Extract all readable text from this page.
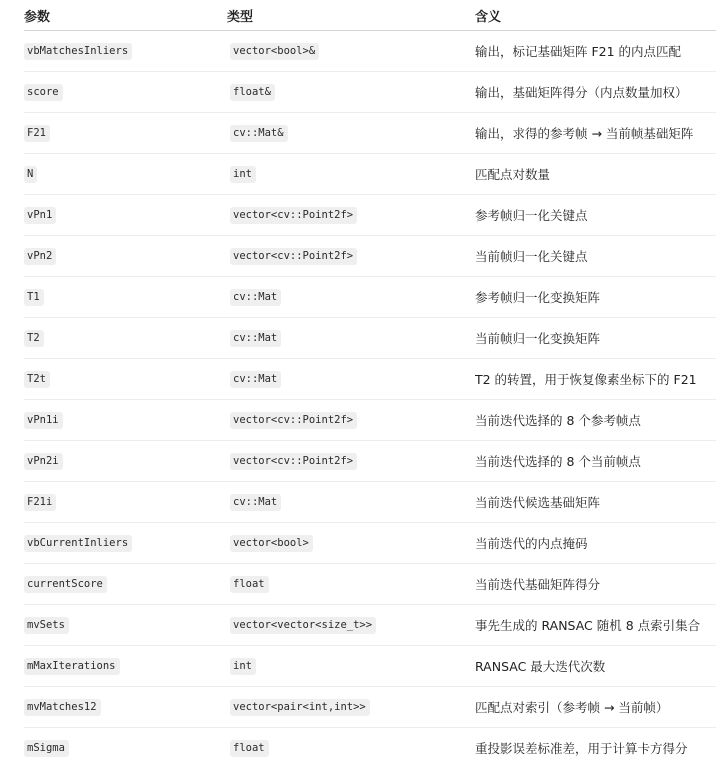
参数	类型	含义
vbMatchesInliers	vector<bool>&	输出，标记基础矩阵 F21 的内点匹配
score	float&	输出，基础矩阵得分（内点数量加权）
F21	cv::Mat&	输出，求得的参考帧 → 当前帧基础矩阵
N	int	匹配点对数量
vPn1	vector<cv::Point2f>	参考帧归一化关键点
vPn2	vector<cv::Point2f>	当前帧归一化关键点
T1	cv::Mat	参考帧归一化变换矩阵
T2	cv::Mat	当前帧归一化变换矩阵
T2t	cv::Mat	T2 的转置，用于恢复像素坐标下的 F21
vPn1i	vector<cv::Point2f>	当前迭代选择的 8 个参考帧点
vPn2i	vector<cv::Point2f>	当前迭代选择的 8 个当前帧点
F21i	cv::Mat	当前迭代候选基础矩阵
vbCurrentInliers	vector<bool>	当前迭代的内点掩码
currentScore	float	当前迭代基础矩阵得分
mvSets	vector<vector<size_t>>	事先生成的 RANSAC 随机 8 点索引集合
mMaxIterations	int	RANSAC 最大迭代次数
mvMatches12	vector<pair<int,int>>	匹配点对索引（参考帧 → 当前帧）
mSigma	float	重投影误差标准差，用于计算卡方得分
